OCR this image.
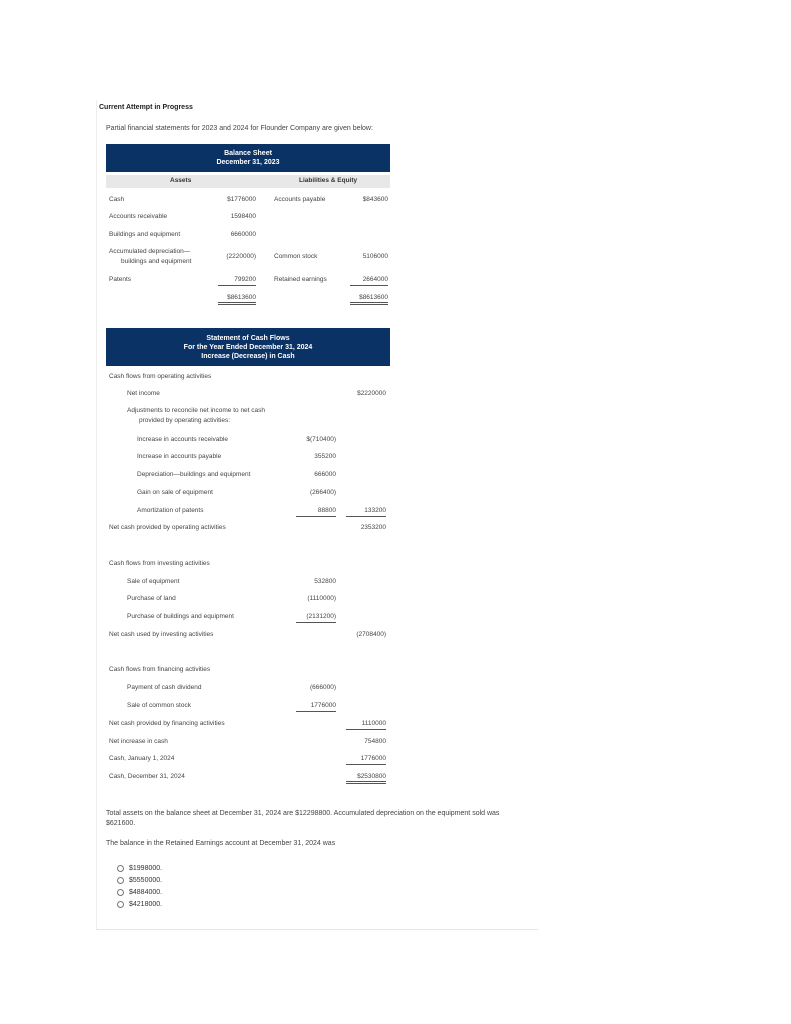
Current Attempt in Progress
Partial financial statements for 2023 and 2024 for Flounder Company are given below:
Balance Sheet
December 31, 2023
Assets	Liabilities & Equity
Cash	$1776000	Accounts payable	$843600
Accounts receivable	1598400
Buildings and equipment	6660000
Accumulated depreciation—
buildings and equipment
(2220000)	Common stock	5106000
Patents	799200	Retained earnings	2664000
$8613600	$8613600
Statement of Cash Flows
For the Year Ended December 31, 2024
Increase (Decrease) in Cash
Cash flows from operating activities
Net income	$2220000
Adjustments to reconcile net income to net cash
provided by operating activities:
Increase in accounts receivable	$(710400)
Increase in accounts payable	355200
Depreciation—buildings and equipment	666000
Gain on sale of equipment	(266400)
Amortization of patents	88800	133200
Net cash provided by operating activities	2353200
Cash flows from investing activities
Sale of equipment	532800
Purchase of land	(1110000)
Purchase of buildings and equipment	(2131200)
Net cash used by investing activities	(2708400)
Cash flows from financing activities
Payment of cash dividend	(666000)
Sale of common stock	1776000
Net cash provided by financing activities	1110000
Net increase in cash	754800
Cash, January 1, 2024	1776000
Cash, December 31, 2024	$2530800
Total assets on the balance sheet at December 31, 2024 are $12298800. Accumulated depreciation on the equipment sold was
$621600.
The balance in the Retained Earnings account at December 31, 2024 was
$1998000.
$5550000.
$4884000.
$4218000.
